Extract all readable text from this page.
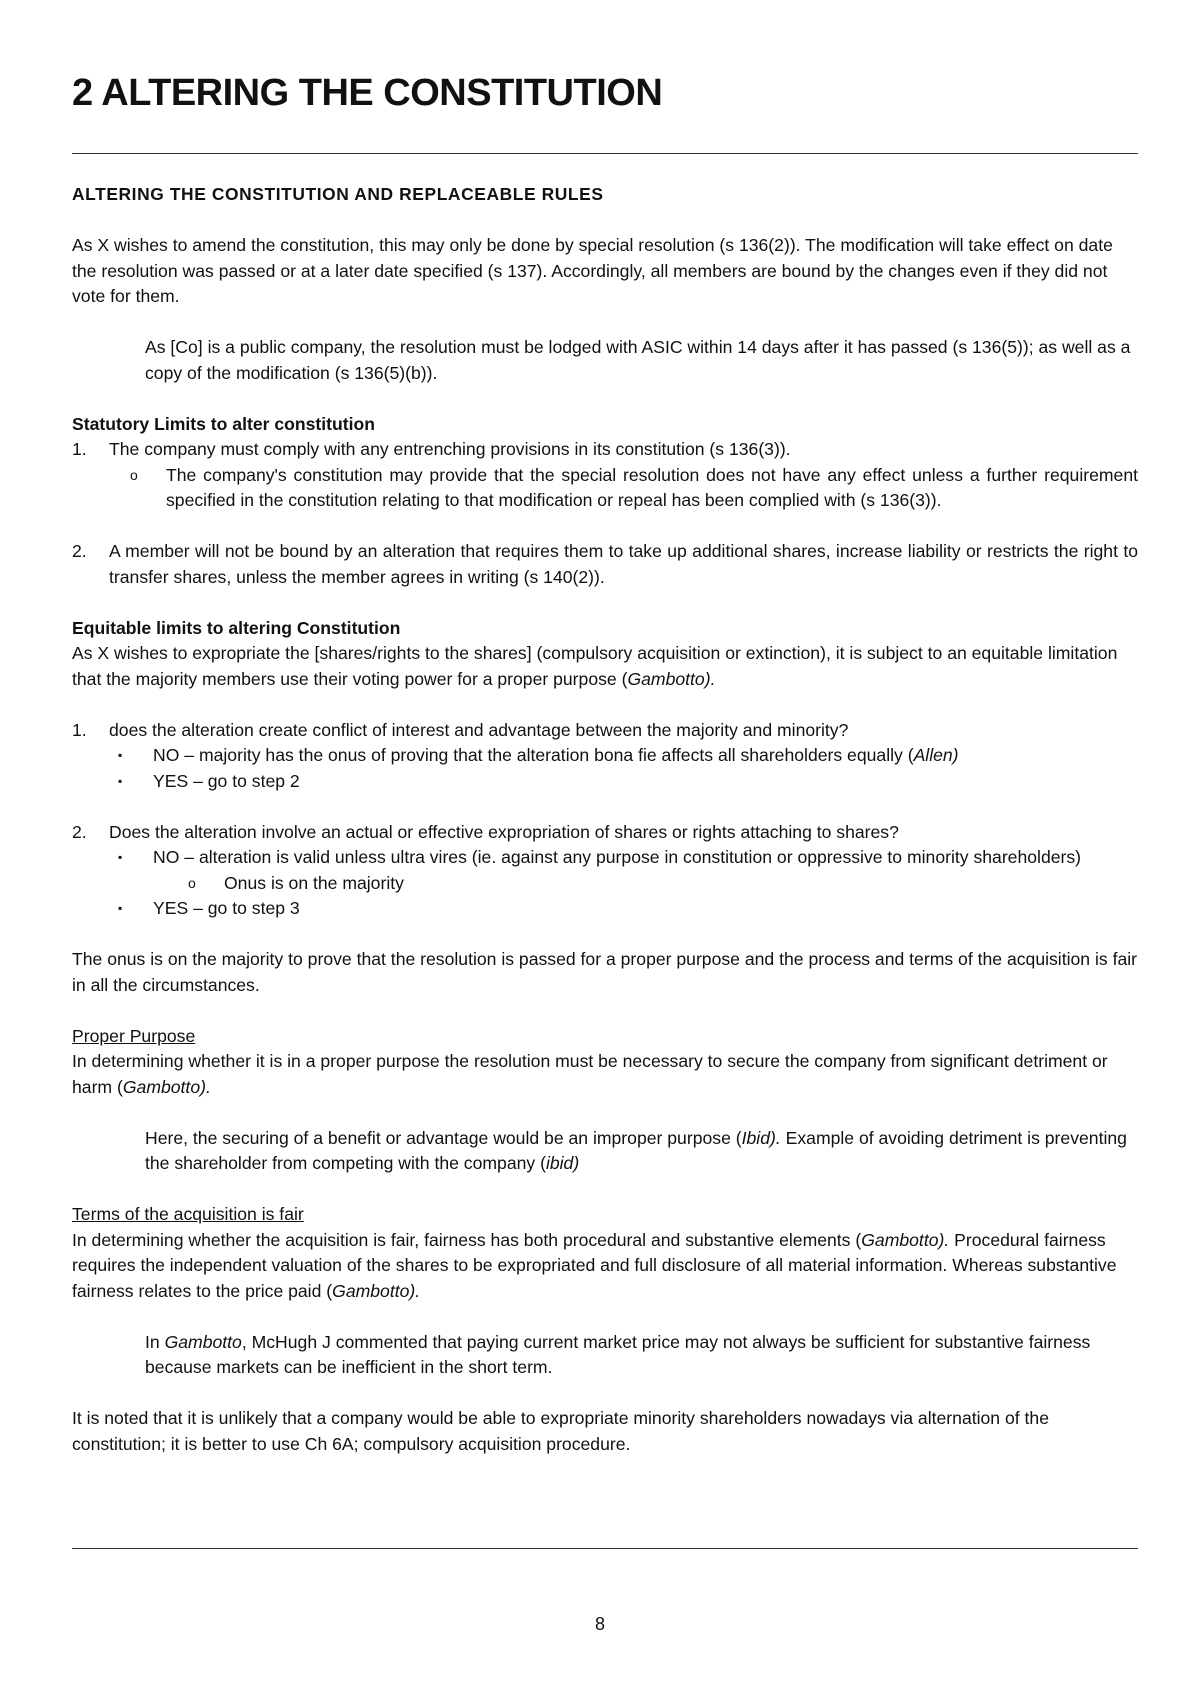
2 ALTERING THE CONSTITUTION

ALTERING THE CONSTITUTION AND REPLACEABLE RULES

As X wishes to amend the constitution, this may only be done by special resolution (s 136(2)). The modification will take effect on date the resolution was passed or at a later date specified (s 137). Accordingly, all members are bound by the changes even if they did not vote for them.

As [Co] is a public company, the resolution must be lodged with ASIC within 14 days after it has passed (s 136(5)); as well as a copy of the modification (s 136(5)(b)).

Statutory Limits to alter constitution

1.	The company must comply with any entrenching provisions in its constitution (s 136(3)).
o	The company's constitution may provide that the special resolution does not have any effect unless a further requirement specified in the constitution relating to that modification or repeal has been complied with (s 136(3)).
2.	A member will not be bound by an alteration that requires them to take up additional shares, increase liability or restricts the right to transfer shares, unless the member agrees in writing (s 140(2)).

Equitable limits to altering Constitution

As X wishes to expropriate the [shares/rights to the shares] (compulsory acquisition or extinction), it is subject to an equitable limitation that the majority members use their voting power for a proper purpose (Gambotto).

1.	does the alteration create conflict of interest and advantage between the majority and minority?
▪	NO – majority has the onus of proving that the alteration bona fie affects all shareholders equally (Allen)
▪	YES – go to step 2
2.	Does the alteration involve an actual or effective expropriation of shares or rights attaching to shares?
▪	NO – alteration is valid unless ultra vires (ie. against any purpose in constitution or oppressive to minority shareholders)
o	Onus is on the majority
▪	YES – go to step 3

The onus is on the majority to prove that the resolution is passed for a proper purpose and the process and terms of the acquisition is fair in all the circumstances.

Proper Purpose

In determining whether it is in a proper purpose the resolution must be necessary to secure the company from significant detriment or harm (Gambotto).

Here, the securing of a benefit or advantage would be an improper purpose (Ibid). Example of avoiding detriment is preventing the shareholder from competing with the company (ibid)

Terms of the acquisition is fair

In determining whether the acquisition is fair, fairness has both procedural and substantive elements (Gambotto). Procedural fairness requires the independent valuation of the shares to be expropriated and full disclosure of all material information. Whereas substantive fairness relates to the price paid (Gambotto).

In Gambotto, McHugh J commented that paying current market price may not always be sufficient for substantive fairness because markets can be inefficient in the short term.

It is noted that it is unlikely that a company would be able to expropriate minority shareholders nowadays via alternation of the constitution; it is better to use Ch 6A; compulsory acquisition procedure.

8
